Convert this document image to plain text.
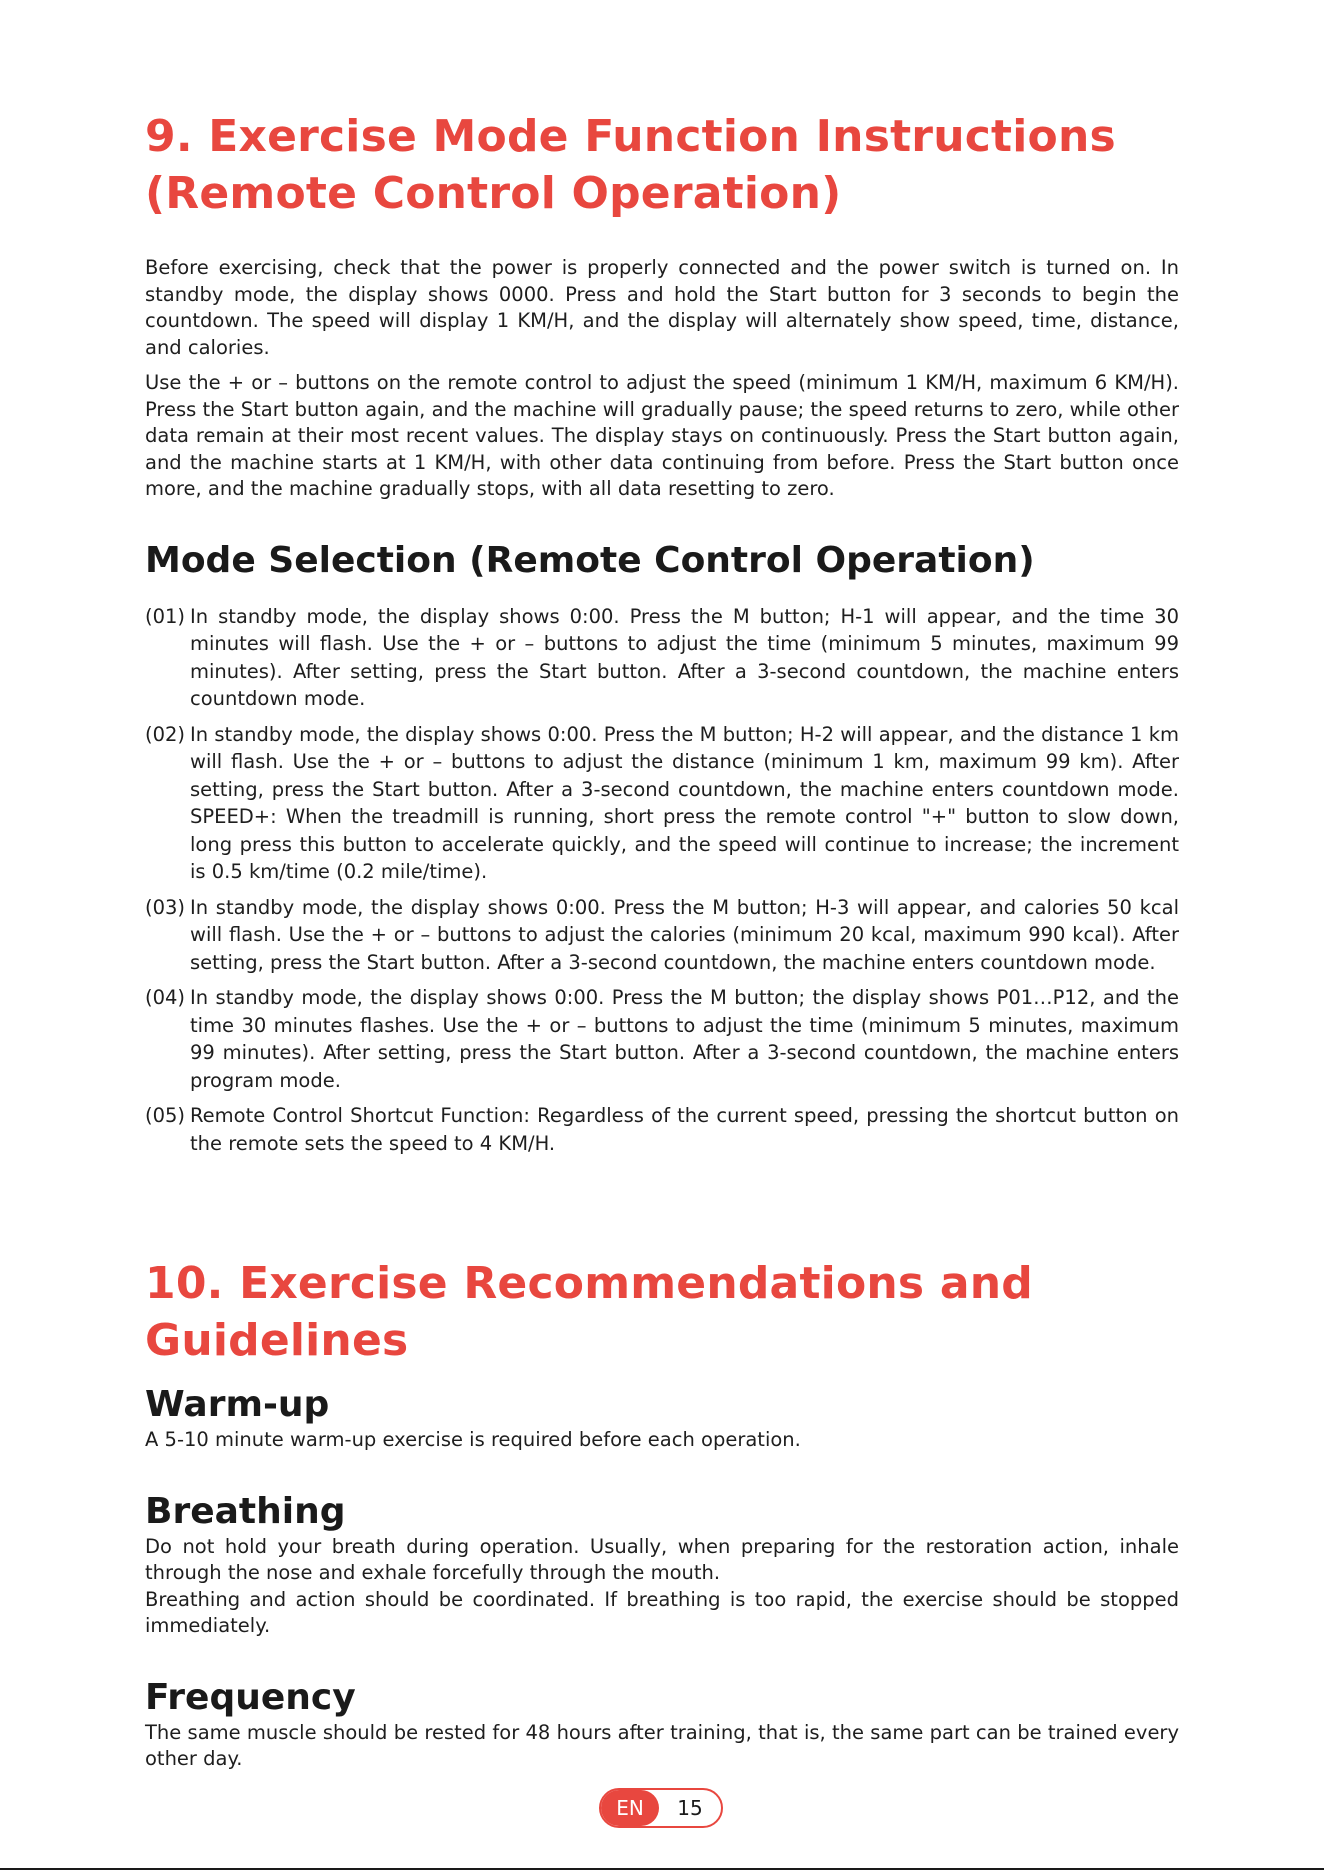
9. Exercise Mode Function Instructions
(Remote Control Operation)

Before exercising, check that the power is properly connected and the power switch is turned on. In standby mode, the display shows 0000. Press and hold the Start button for 3 seconds to begin the countdown. The speed will display 1 KM/H, and the display will alternately show speed, time, distance, and calories.

Use the + or – buttons on the remote control to adjust the speed (minimum 1 KM/H, maximum 6 KM/H). Press the Start button again, and the machine will gradually pause; the speed returns to zero, while other data remain at their most recent values. The display stays on continuously. Press the Start button again, and the machine starts at 1 KM/H, with other data continuing from before. Press the Start button once more, and the machine gradually stops, with all data resetting to zero.

Mode Selection (Remote Control Operation)
(01) In standby mode, the display shows 0:00. Press the M button; H-1 will appear, and the time 30 minutes will flash. Use the + or – buttons to adjust the time (minimum 5 minutes, maximum 99 minutes). After setting, press the Start button. After a 3-second countdown, the machine enters countdown mode.
(02) In standby mode, the display shows 0:00. Press the M button; H-2 will appear, and the distance 1 km will flash. Use the + or – buttons to adjust the distance (minimum 1 km, maximum 99 km). After setting, press the Start button. After a 3-second countdown, the machine enters countdown mode. SPEED+: When the treadmill is running, short press the remote control "+" button to slow down, long press this button to accelerate quickly, and the speed will continue to increase; the increment is 0.5 km/time (0.2 mile/time).
(03) In standby mode, the display shows 0:00. Press the M button; H-3 will appear, and calories 50 kcal will flash. Use the + or – buttons to adjust the calories (minimum 20 kcal, maximum 990 kcal). After setting, press the Start button. After a 3-second countdown, the machine enters countdown mode.
(04) In standby mode, the display shows 0:00. Press the M button; the display shows P01…P12, and the time 30 minutes flashes. Use the + or – buttons to adjust the time (minimum 5 minutes, maximum 99 minutes). After setting, press the Start button. After a 3-second countdown, the machine enters program mode.
(05) Remote Control Shortcut Function: Regardless of the current speed, pressing the shortcut button on the remote sets the speed to 4 KM/H.
10. Exercise Recommendations and Guidelines
Warm-up

A 5-10 minute warm-up exercise is required before each operation.

Breathing

Do not hold your breath during operation. Usually, when preparing for the restoration action, inhale through the nose and exhale forcefully through the mouth.

Breathing and action should be coordinated. If breathing is too rapid, the exercise should be stopped immediately.

Frequency

The same muscle should be rested for 48 hours after training, that is, the same part can be trained every other day.

EN	15
